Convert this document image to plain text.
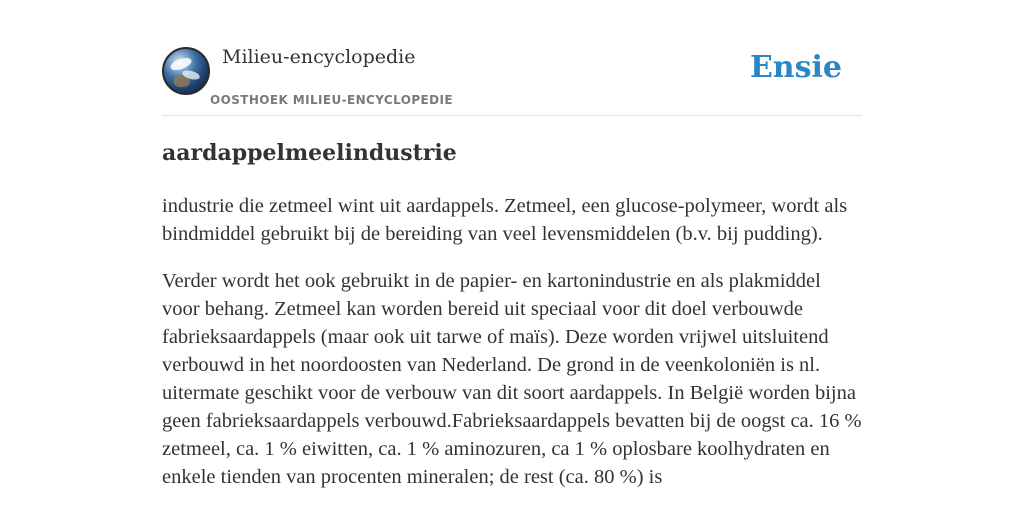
Milieu-encyclopedie
OOSTHOEK MILIEU-ENCYCLOPEDIE
Ensie
aardappelmeelindustrie

industrie die zetmeel wint uit aardappels. Zetmeel, een glucose-polymeer, wordt als bindmiddel gebruikt bij de bereiding van veel levensmiddelen (b.v. bij pudding).

Verder wordt het ook gebruikt in de papier- en kartonindustrie en als plakmiddel voor behang. Zetmeel kan worden bereid uit speciaal voor dit doel verbouwde fabrieksaardappels (maar ook uit tarwe of maïs). Deze worden vrijwel uitsluitend verbouwd in het noordoosten van Nederland. De grond in de veenkoloniën is nl. uitermate geschikt voor de verbouw van dit soort aardappels. In België worden bijna geen fabrieksaardappels verbouwd.Fabrieksaardappels bevatten bij de oogst ca. 16 % zetmeel, ca. 1 % eiwitten, ca. 1 % aminozuren, ca 1 % oplosbare koolhydraten en enkele tienden van procenten mineralen; de rest (ca. 80 %) is
